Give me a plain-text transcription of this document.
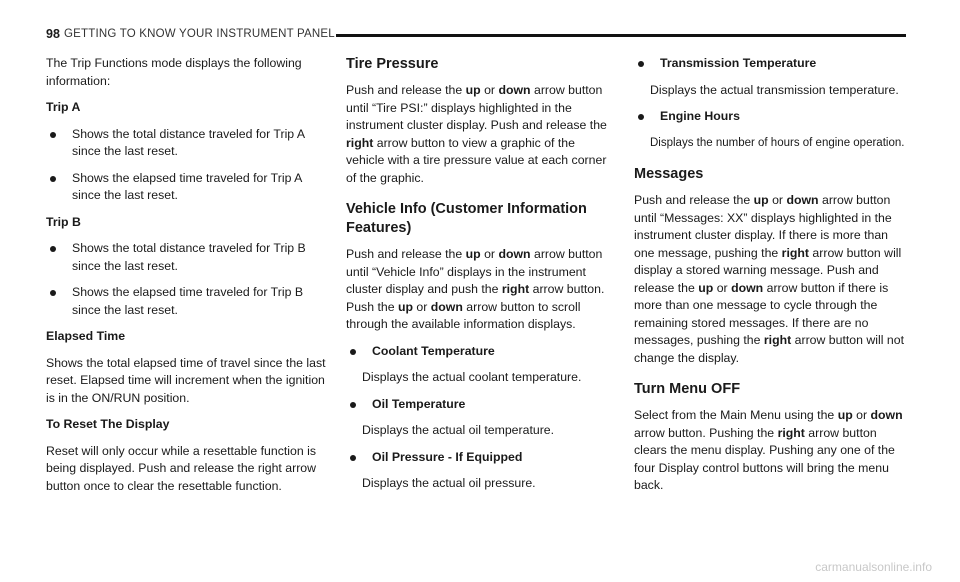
98 GETTING TO KNOW YOUR INSTRUMENT PANEL

The Trip Functions mode displays the following information:

Trip A
Shows the total distance traveled for Trip A since the last reset.
Shows the elapsed time traveled for Trip A since the last reset.
Trip B
Shows the total distance traveled for Trip B since the last reset.
Shows the elapsed time traveled for Trip B since the last reset.
Elapsed Time

Shows the total elapsed time of travel since the last reset. Elapsed time will increment when the ignition is in the ON/RUN position.

To Reset The Display

Reset will only occur while a resettable function is being displayed. Push and release the right arrow button once to clear the resettable function.

Tire Pressure

Push and release the up or down arrow button until “Tire PSI:” displays highlighted in the instrument cluster display. Push and release the right arrow button to view a graphic of the vehicle with a tire pressure value at each corner of the graphic.

Vehicle Info (Customer Information Features)

Push and release the up or down arrow button until “Vehicle Info” displays in the instrument cluster display and push the right arrow button. Push the up or down arrow button to scroll through the available information displays.

Coolant Temperature

Displays the actual coolant temperature.

Oil Temperature

Displays the actual oil temperature.

Oil Pressure - If Equipped

Displays the actual oil pressure.

Transmission Temperature

Displays the actual transmission temperature.

Engine Hours

Displays the number of hours of engine operation.

Messages

Push and release the up or down arrow button until “Messages: XX” displays highlighted in the instrument cluster display. If there is more than one message, pushing the right arrow button will display a stored warning message. Push and release the up or down arrow button if there is more than one message to cycle through the remaining stored messages. If there are no messages, pushing the right arrow button will not change the display.

Turn Menu OFF

Select from the Main Menu using the up or down arrow button. Pushing the right arrow button clears the menu display. Pushing any one of the four Display control buttons will bring the menu back.

carmanualsonline.info
